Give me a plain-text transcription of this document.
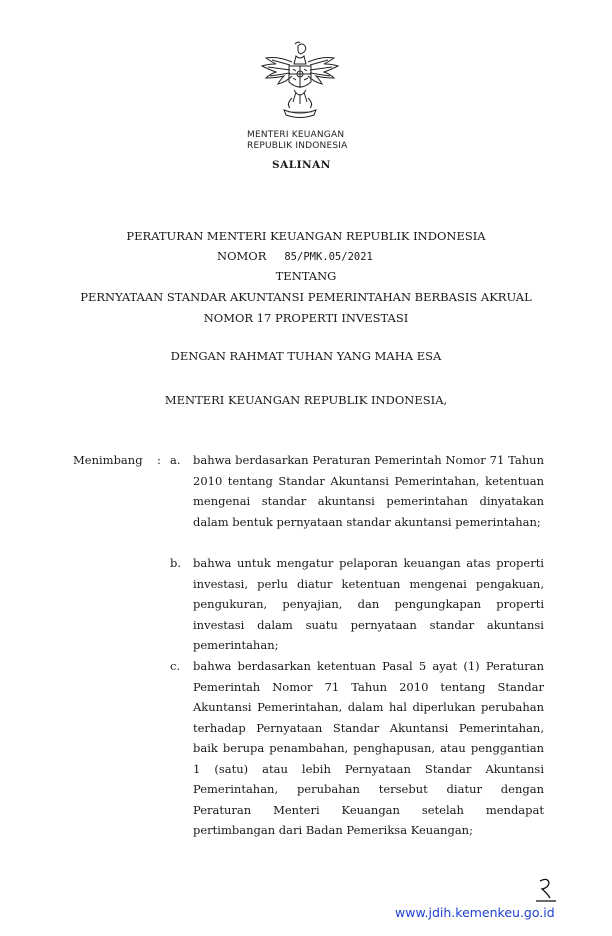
MENTERI KEUANGAN
REPUBLIK INDONESIA
SALINAN
PERATURAN MENTERI KEUANGAN REPUBLIK INDONESIA
NOMOR 85/PMK.05/2021
TENTANG
PERNYATAAN STANDAR AKUNTANSI PEMERINTAHAN BERBASIS AKRUAL
NOMOR 17 PROPERTI INVESTASI
DENGAN RAHMAT TUHAN YANG MAHA ESA
MENTERI KEUANGAN REPUBLIK INDONESIA,
Menimbang : a.	bahwa berdasarkan Peraturan Pemerintah Nomor 71 Tahun 2010 tentang Standar Akuntansi Pemerintahan, ketentuan mengenai standar akuntansi pemerintahan dinyatakan dalam bentuk pernyataan standar akuntansi pemerintahan;
b.	bahwa untuk mengatur pelaporan keuangan atas properti investasi, perlu diatur ketentuan mengenai pengakuan, pengukuran, penyajian, dan pengungkapan properti investasi dalam suatu pernyataan standar akuntansi pemerintahan;
c.	bahwa berdasarkan ketentuan Pasal 5 ayat (1) Peraturan Pemerintah Nomor 71 Tahun 2010 tentang Standar Akuntansi Pemerintahan, dalam hal diperlukan perubahan terhadap Pernyataan Standar Akuntansi Pemerintahan, baik berupa penambahan, penghapusan, atau penggantian 1 (satu) atau lebih Pernyataan Standar Akuntansi Pemerintahan, perubahan tersebut diatur dengan Peraturan Menteri Keuangan setelah mendapat pertimbangan dari Badan Pemeriksa Keuangan;
www.jdih.kemenkeu.go.id
